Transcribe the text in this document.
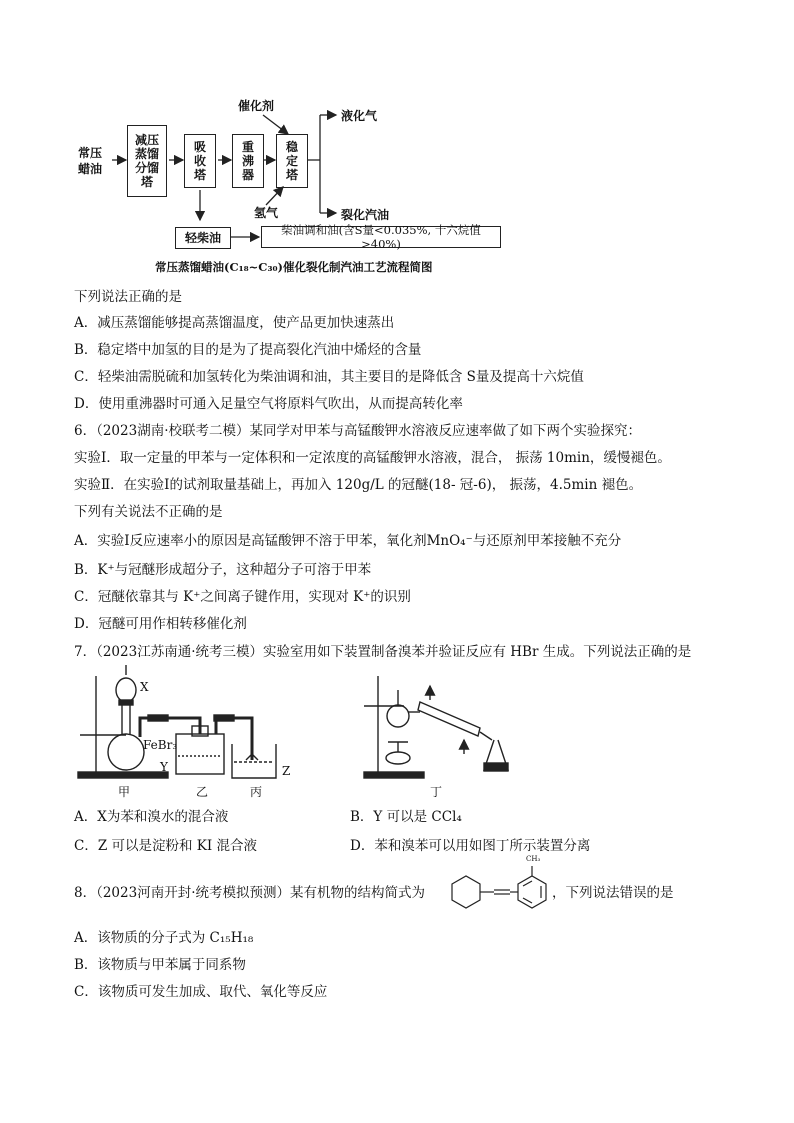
常压蜡油
减压蒸馏分馏塔
吸收塔
重沸器
稳定塔
催化剂
氢气
液化气
裂化汽油
轻柴油
柴油调和油(含S量<0.035%, 十六烷值>40%)
常压蒸馏蜡油(C₁₈~C₃₀)催化裂化制汽油工艺流程简图
下列说法正确的是
A．减压蒸馏能够提高蒸馏温度，使产品更加快速蒸出
B．稳定塔中加氢的目的是为了提高裂化汽油中烯烃的含量
C．轻柴油需脱硫和加氢转化为柴油调和油，其主要目的是降低含 S量及提高十六烷值
D．使用重沸器时可通入足量空气将原料气吹出，从而提高转化率
6．（2023湖南·校联考二模）某同学对甲苯与高锰酸钾水溶液反应速率做了如下两个实验探究：
实验Ⅰ．取一定量的甲苯与一定体积和一定浓度的高锰酸钾水溶液，混合， 振荡 10min，缓慢褪色。
实验Ⅱ．在实验Ⅰ的试剂取量基础上，再加入 120g/L 的冠醚(18- 冠-6)， 振荡，4.5min 褪色。
下列有关说法不正确的是
A．实验Ⅰ反应速率小的原因是高锰酸钾不溶于甲苯，氧化剂MnO₄⁻与还原剂甲苯接触不充分
B．K⁺与冠醚形成超分子，这种超分子可溶于甲苯
C．冠醚依靠其与 K⁺之间离子键作用，实现对 K⁺的识别
D．冠醚可用作相转移催化剂
7．（2023江苏南通·统考三模）实验室用如下装置制备溴苯并验证反应有 HBr 生成。下列说法正确的是
X
FeBr₃
Y	Z
甲	乙	丙	丁
A．X为苯和溴水的混合液	B．Y 可以是 CCl₄
C．Z 可以是淀粉和 KI 混合液	D．苯和溴苯可以用如图丁所示装置分离
8．（2023河南开封·统考模拟预测）某有机物的结构简式为
CH₃
，下列说法错误的是
A．该物质的分子式为 C₁₅H₁₈
B．该物质与甲苯属于同系物
C．该物质可发生加成、取代、氧化等反应
